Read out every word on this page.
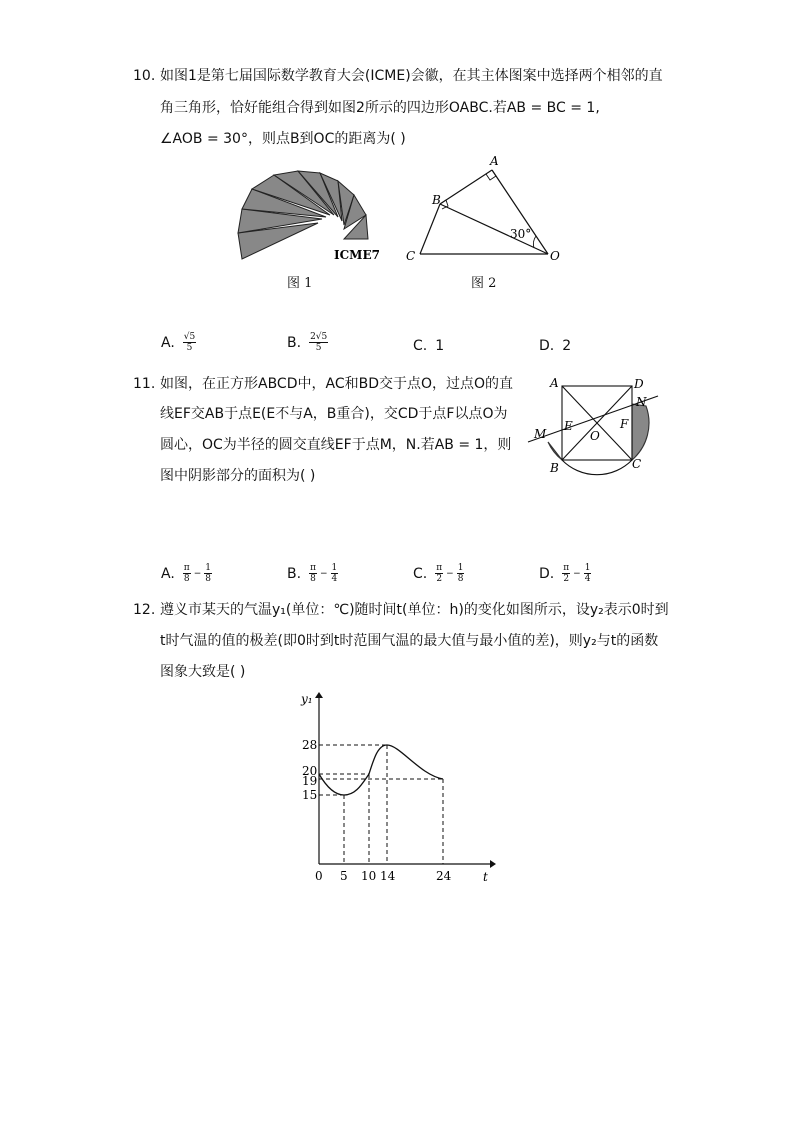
10. 如图1是第七届国际数学教育大会(ICME)会徽，在其主体图案中选择两个相邻的直
角三角形，恰好能组合得到如图2所示的四边形OABC.若AB = BC = 1,
∠AOB = 30°，则点B到OC的距离为( )
ICME7
图 1
A
B
C	O
30°
图 2
A. $\frac{√5}{5}$	B. $\frac{2√5}{5}$	C. 1	D. 2
11. 如图，在正方形ABCD中，AC和BD交于点O，过点O的直
线EF交AB于点E(E不与A，B重合)，交CD于点F以点O为
圆心，OC为半径的圆交直线EF于点M，N.若AB = 1，则
图中阴影部分的面积为( )
A	D
N
M
E
O
F
B	C
A. $\frac{\pi}{8} - \frac{1}{8}$	B. $\frac{\pi}{8} - \frac{1}{4}$	C. $\frac{\pi}{2} - \frac{1}{8}$	D. $\frac{\pi}{2} - \frac{1}{4}$
12. 遵义市某天的气温y₁(单位：℃)随时间t(单位：h)的变化如图所示，设y₂表示0时到
t时气温的值的极差(即0时到t时范围气温的最大值与最小值的差)，则y₂与t的函数
图象大致是( )
y₁
t
28
20
19
15
0 5 10 14	24
